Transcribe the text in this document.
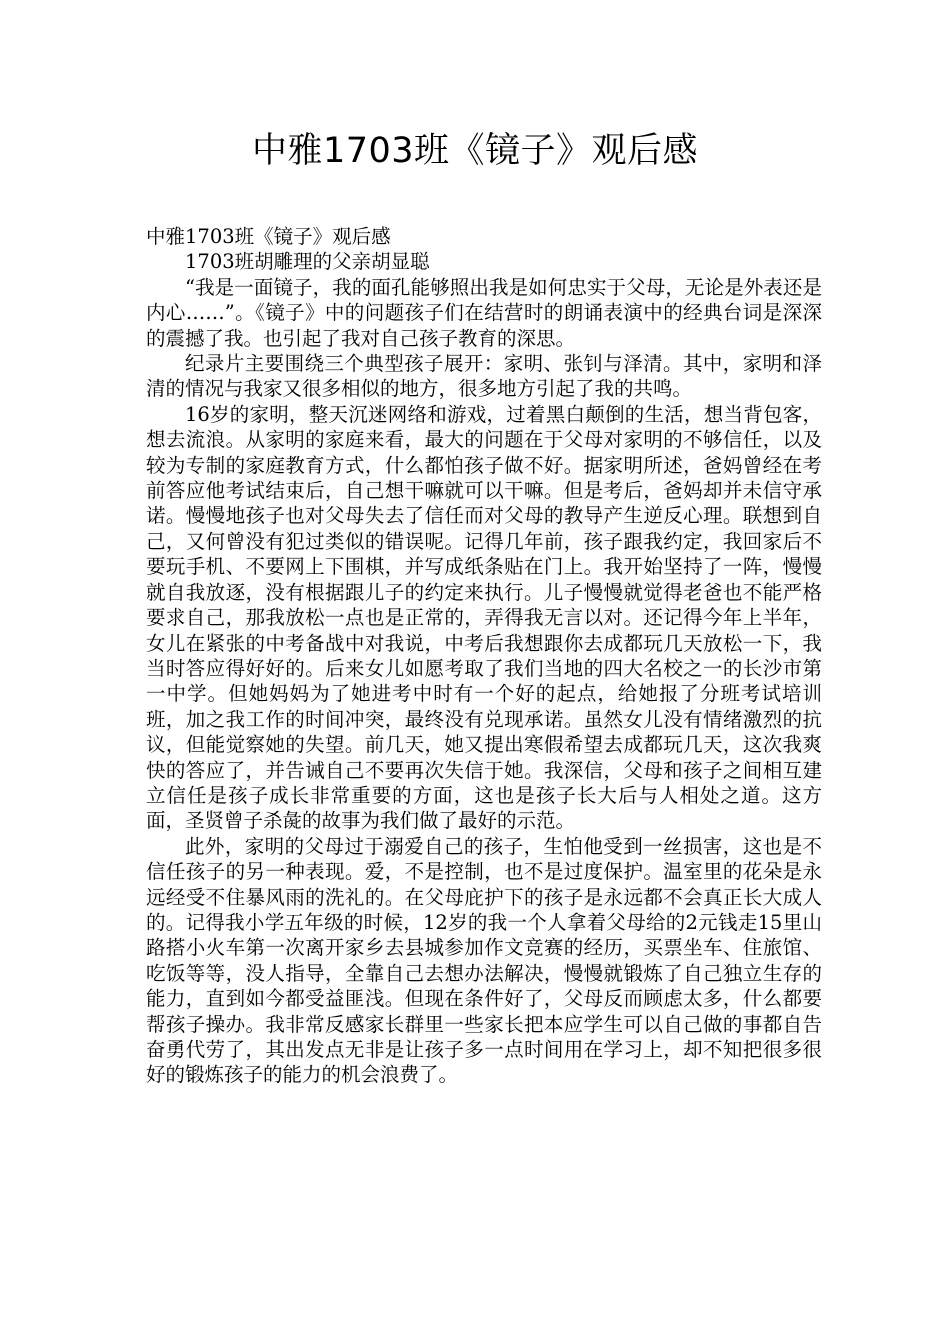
中雅1703班《镜子》观后感

中雅1703班《镜子》观后感

1703班胡雕理的父亲胡显聪

“我是一面镜子，我的面孔能够照出我是如何忠实于父母，无论是外表还是内心……”。《镜子》中的问题孩子们在结营时的朗诵表演中的经典台词是深深的震撼了我。也引起了我对自己孩子教育的深思。

纪录片主要围绕三个典型孩子展开：家明、张钊与泽清。其中，家明和泽清的情况与我家又很多相似的地方，很多地方引起了我的共鸣。

16岁的家明，整天沉迷网络和游戏，过着黑白颠倒的生活，想当背包客，想去流浪。从家明的家庭来看，最大的问题在于父母对家明的不够信任，以及较为专制的家庭教育方式，什么都怕孩子做不好。据家明所述，爸妈曾经在考前答应他考试结束后，自己想干嘛就可以干嘛。但是考后，爸妈却并未信守承诺。慢慢地孩子也对父母失去了信任而对父母的教导产生逆反心理。联想到自己，又何曾没有犯过类似的错误呢。记得几年前，孩子跟我约定，我回家后不要玩手机、不要网上下围棋，并写成纸条贴在门上。我开始坚持了一阵，慢慢就自我放逐，没有根据跟儿子的约定来执行。儿子慢慢就觉得老爸也不能严格要求自己，那我放松一点也是正常的，弄得我无言以对。还记得今年上半年，女儿在紧张的中考备战中对我说，中考后我想跟你去成都玩几天放松一下，我当时答应得好好的。后来女儿如愿考取了我们当地的四大名校之一的长沙市第一中学。但她妈妈为了她进考中时有一个好的起点，给她报了分班考试培训班，加之我工作的时间冲突，最终没有兑现承诺。虽然女儿没有情绪激烈的抗议，但能觉察她的失望。前几天，她又提出寒假希望去成都玩几天，这次我爽快的答应了，并告诫自己不要再次失信于她。我深信，父母和孩子之间相互建立信任是孩子成长非常重要的方面，这也是孩子长大后与人相处之道。这方面，圣贤曾子杀彘的故事为我们做了最好的示范。

此外，家明的父母过于溺爱自己的孩子，生怕他受到一丝损害，这也是不信任孩子的另一种表现。爱，不是控制，也不是过度保护。温室里的花朵是永远经受不住暴风雨的洗礼的。在父母庇护下的孩子是永远都不会真正长大成人的。记得我小学五年级的时候，12岁的我一个人拿着父母给的2元钱走15里山路搭小火车第一次离开家乡去县城参加作文竞赛的经历，买票坐车、住旅馆、吃饭等等，没人指导，全靠自己去想办法解决，慢慢就锻炼了自己独立生存的能力，直到如今都受益匪浅。但现在条件好了，父母反而顾虑太多，什么都要帮孩子操办。我非常反感家长群里一些家长把本应学生可以自己做的事都自告奋勇代劳了，其出发点无非是让孩子多一点时间用在学习上，却不知把很多很好的锻炼孩子的能力的机会浪费了。
